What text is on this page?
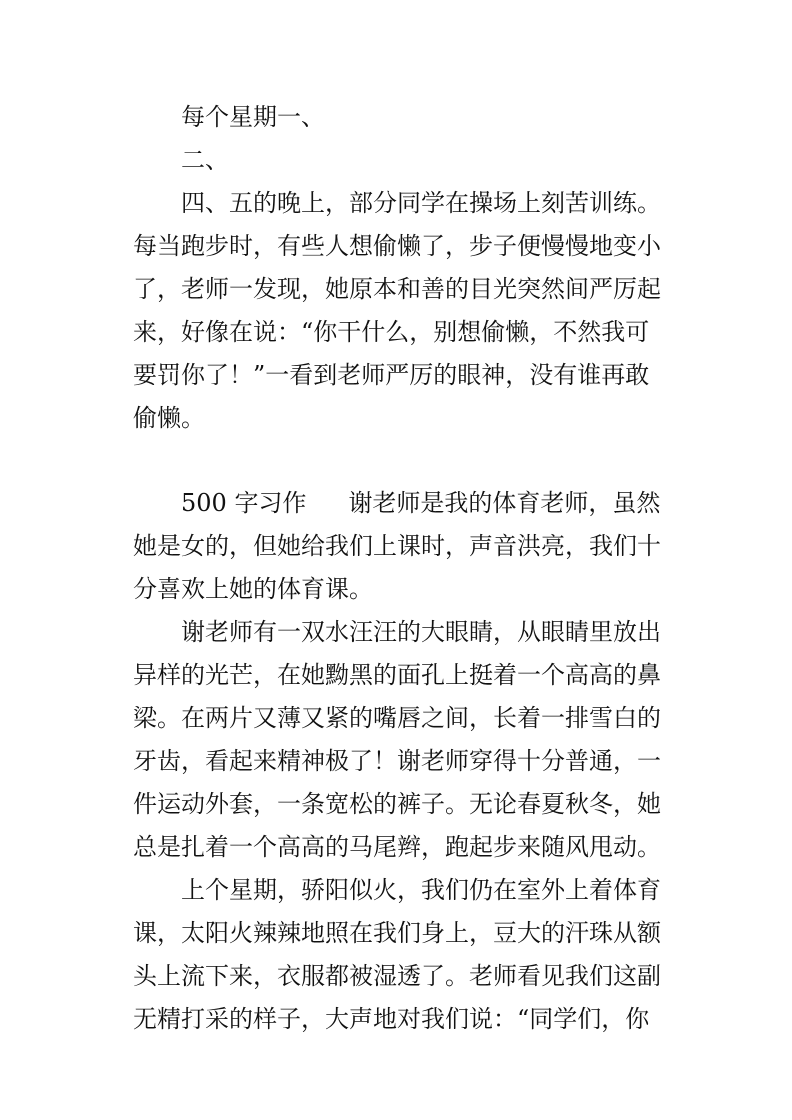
每个星期一、
二、
四、五的晚上，部分同学在操场上刻苦训练。
每当跑步时，有些人想偷懒了，步子便慢慢地变小
了，老师一发现，她原本和善的目光突然间严厉起
来，好像在说：“你干什么，别想偷懒，不然我可
要罚你了！”一看到老师严厉的眼神，没有谁再敢
偷懒。
500 字习作 谢老师是我的体育老师，虽然
她是女的，但她给我们上课时，声音洪亮，我们十
分喜欢上她的体育课。
谢老师有一双水汪汪的大眼睛，从眼睛里放出
异样的光芒，在她黝黑的面孔上挺着一个高高的鼻
梁。在两片又薄又紧的嘴唇之间，长着一排雪白的
牙齿，看起来精神极了！谢老师穿得十分普通，一
件运动外套，一条宽松的裤子。无论春夏秋冬，她
总是扎着一个高高的马尾辫，跑起步来随风甩动。
上个星期，骄阳似火，我们仍在室外上着体育
课，太阳火辣辣地照在我们身上，豆大的汗珠从额
头上流下来，衣服都被湿透了。老师看见我们这副
无精打采的样子，大声地对我们说：“同学们，你
